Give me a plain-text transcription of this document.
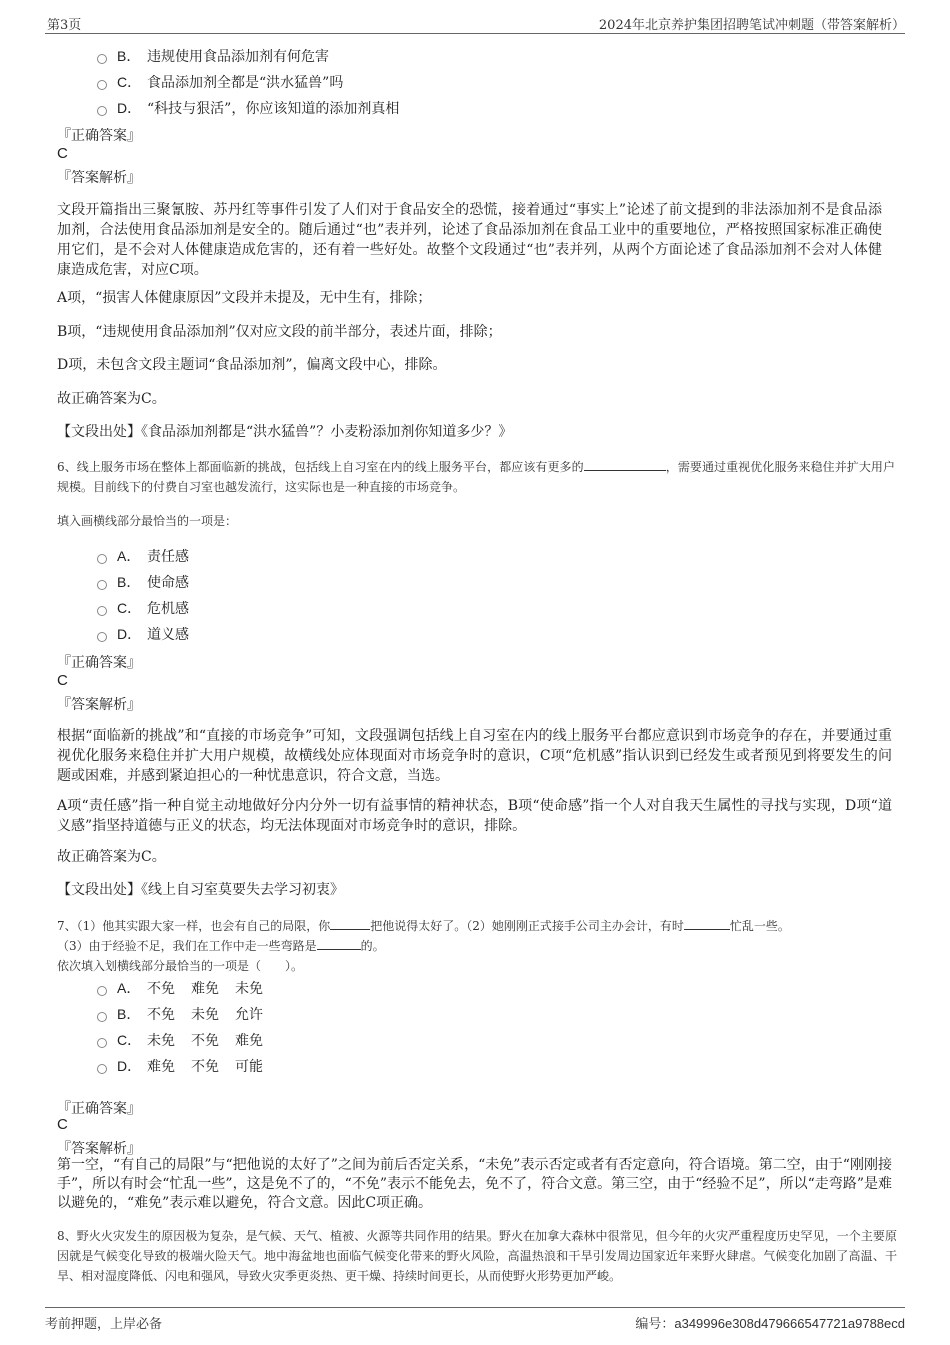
第3页	2024年北京养护集团招聘笔试冲刺题（带答案解析）
B． 违规使用食品添加剂有何危害
C． 食品添加剂全都是“洪水猛兽”吗
D． “科技与狠活”，你应该知道的添加剂真相
『正确答案』
C
『答案解析』
文段开篇指出三聚氰胺、苏丹红等事件引发了人们对于食品安全的恐慌，接着通过“事实上”论述了前文提到的非法添加剂不是食品添加剂，合法使用食品添加剂是安全的。随后通过“也”表并列，论述了食品添加剂在食品工业中的重要地位，严格按照国家标准正确使用它们，是不会对人体健康造成危害的，还有着一些好处。故整个文段通过“也”表并列，从两个方面论述了食品添加剂不会对人体健康造成危害，对应C项。
A项，“损害人体健康原因”文段并未提及，无中生有，排除；
B项，“违规使用食品添加剂”仅对应文段的前半部分，表述片面，排除；
D项，未包含文段主题词“食品添加剂”，偏离文段中心，排除。
故正确答案为C。
【文段出处】《食品添加剂都是“洪水猛兽”？小麦粉添加剂你知道多少？》
6、线上服务市场在整体上都面临新的挑战，包括线上自习室在内的线上服务平台，都应该有更多的	，需要通过重视优化服务来稳住并扩大用户规模。目前线下的付费自习室也越发流行，这实际也是一种直接的市场竞争。
填入画横线部分最恰当的一项是：
A． 责任感
B． 使命感
C． 危机感
D． 道义感
『正确答案』
C
『答案解析』
根据“面临新的挑战”和“直接的市场竞争”可知，文段强调包括线上自习室在内的线上服务平台都应意识到市场竞争的存在，并要通过重视优化服务来稳住并扩大用户规模，故横线处应体现面对市场竞争时的意识，C项“危机感”指认识到已经发生或者预见到将要发生的问题或困难，并感到紧迫担心的一种忧患意识，符合文意，当选。
A项“责任感”指一种自觉主动地做好分内分外一切有益事情的精神状态，B项“使命感”指一个人对自我天生属性的寻找与实现，D项“道义感”指坚持道德与正义的状态，均无法体现面对市场竞争时的意识，排除。
故正确答案为C。
【文段出处】《线上自习室莫要失去学习初衷》
7、（1）他其实跟大家一样，也会有自己的局限，你	把他说得太好了。（2）她刚刚正式接手公司主办会计，有时	忙乱一些。
（3）由于经验不足，我们在工作中走一些弯路是	的。
依次填入划横线部分最恰当的一项是（　　）。
A． 不免 难免 未免
B． 不免 未免 允许
C． 未免 不免 难免
D． 难免 不免 可能
『正确答案』
C
『答案解析』
第一空，“有自己的局限”与“把他说的太好了”之间为前后否定关系，“未免”表示否定或者有否定意向，符合语境。第二空，由于“刚刚接手”，所以有时会“忙乱一些”，这是免不了的，“不免”表示不能免去，免不了，符合文意。第三空，由于“经验不足”，所以“走弯路”是难以避免的，“难免”表示难以避免，符合文意。因此C项正确。
8、野火火灾发生的原因极为复杂，是气候、天气、植被、火源等共同作用的结果。野火在加拿大森林中很常见，但今年的火灾严重程度历史罕见，一个主要原因就是气候变化导致的极端火险天气。地中海盆地也面临气候变化带来的野火风险，高温热浪和干旱引发周边国家近年来野火肆虐。气候变化加剧了高温、干旱、相对湿度降低、闪电和强风，导致火灾季更炎热、更干燥、持续时间更长，从而使野火形势更加严峻。
考前押题，上岸必备	编号：a349996e308d479666547721a9788ecd
